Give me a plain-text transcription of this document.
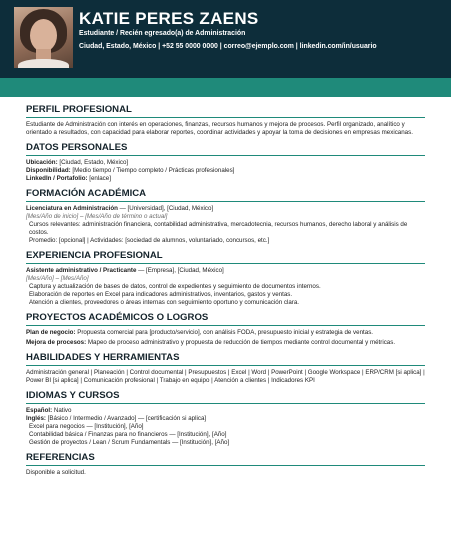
KATIE PERES ZAENS
Estudiante / Recién egresado(a) de Administración
Ciudad, Estado, México | +52 55 0000 0000 | correo@ejemplo.com | linkedin.com/in/usuario
PERFIL PROFESIONAL

Estudiante de Administración con interés en operaciones, finanzas, recursos humanos y mejora de procesos. Perfil organizado, analítico y orientado a resultados, con capacidad para elaborar reportes, coordinar actividades y apoyar la toma de decisiones en empresas mexicanas.

DATOS PERSONALES

Ubicación: [Ciudad, Estado, México]

Disponibilidad: [Medio tiempo / Tiempo completo / Prácticas profesionales]

LinkedIn / Portafolio: [enlace]

FORMACIÓN ACADÉMICA

Licenciatura en Administración — [Universidad], [Ciudad, México]

[Mes/Año de inicio] – [Mes/Año de término o actual]

Cursos relevantes: administración financiera, contabilidad administrativa, mercadotecnia, recursos humanos, derecho laboral y análisis de costos.

Promedio: [opcional] | Actividades: [sociedad de alumnos, voluntariado, concursos, etc.]

EXPERIENCIA PROFESIONAL

Asistente administrativo / Practicante — [Empresa], [Ciudad, México]

[Mes/Año] – [Mes/Año]

Captura y actualización de bases de datos, control de expedientes y seguimiento de documentos internos.

Elaboración de reportes en Excel para indicadores administrativos, inventarios, gastos y ventas.

Atención a clientes, proveedores o áreas internas con seguimiento oportuno y comunicación clara.

PROYECTOS ACADÉMICOS O LOGROS

Plan de negocio: Propuesta comercial para [producto/servicio], con análisis FODA, presupuesto inicial y estrategia de ventas.

Mejora de procesos: Mapeo de proceso administrativo y propuesta de reducción de tiempos mediante control documental y métricas.

HABILIDADES Y HERRAMIENTAS

Administración general | Planeación | Control documental | Presupuestos | Excel | Word | PowerPoint | Google Workspace | ERP/CRM [si aplica] | Power BI [si aplica] | Comunicación profesional | Trabajo en equipo | Atención a clientes | Indicadores KPI

IDIOMAS Y CURSOS

Español: Nativo

Inglés: [Básico / Intermedio / Avanzado] — [certificación si aplica]

Excel para negocios — [Institución], [Año]

Contabilidad básica / Finanzas para no financieros — [Institución], [Año]

Gestión de proyectos / Lean / Scrum Fundamentals — [Institución], [Año]

REFERENCIAS

Disponible a solicitud.
